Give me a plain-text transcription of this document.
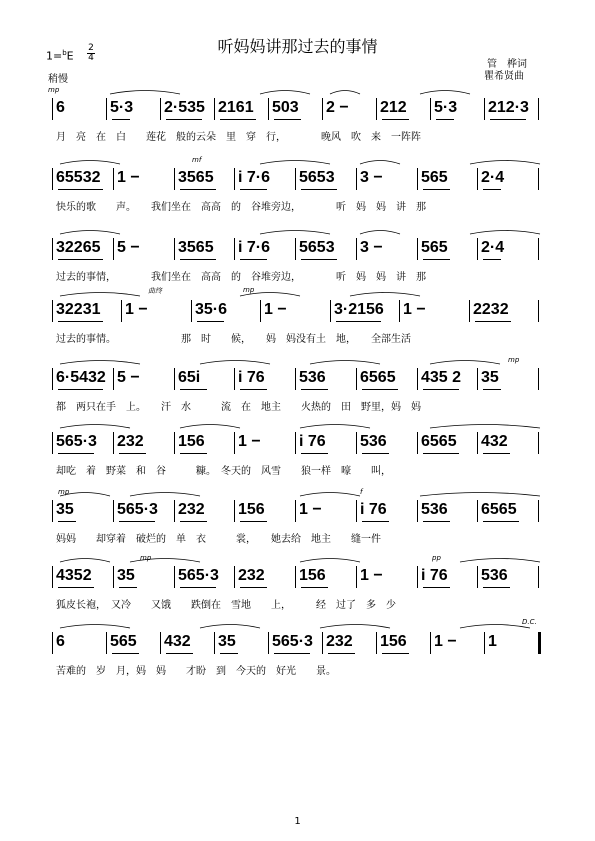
听妈妈讲那过去的事情
1=$^b$E
2
4
稍慢
管　桦词
瞿希贤曲
6	5·3 2·535 2161 503 2 − 212 5·3 212·3
月　亮　在　白　　莲花　般的云朵　里　穿　行，　　　　晚风　吹　来　一阵阵
mp
65532 1 − 3565 i 7·6 5653 3 − 565 2·4
快乐的歌　　声。　　我们坐在　高高　的　谷堆旁边，　　　　听　妈　妈　讲　那
mf
32265 5 − 3565 i 7·6 5653 3 − 565 2·4
过去的事情，　　　　我们坐在　高高　的　谷堆旁边，　　　　听　妈　妈　讲　那
32231 1 −	35·6 1 −	3·2156 1 −	2232
过去的事情。　　　　　　　那　时　　候，　　妈　妈没有土　地，　　全部生活
曲终	mp
6·5432 5 − 65i i 76 536 6565 435 2 35
都　两只在手　上。　　汗　水　　　流　在　地主　　火热的　田　野里，妈　妈
mp
565·3 232 156 1 − i 76 536 6565 432
却吃　着　野菜　和　谷　　　糠。　冬天的　风雪　　狼一样　嚎　　叫，
35	565·3 232 156 1 − i 76 536 6565
妈妈　　却穿着　破烂的　单　衣　　　裳，　　她去给　地主　　缝一件
mp	f
4352 35	565·3 232 156 1 − i 76 536
狐皮长袍，　又冷　　又饿　　跌倒在　雪地　　上，　　　经　过了　多　少
mp	pp
6	565 432 35 565·3 232 156 1 − 1
苦难的　岁　月，妈　妈　　才盼　到　今天的　好光　　景。
D.C.
1
